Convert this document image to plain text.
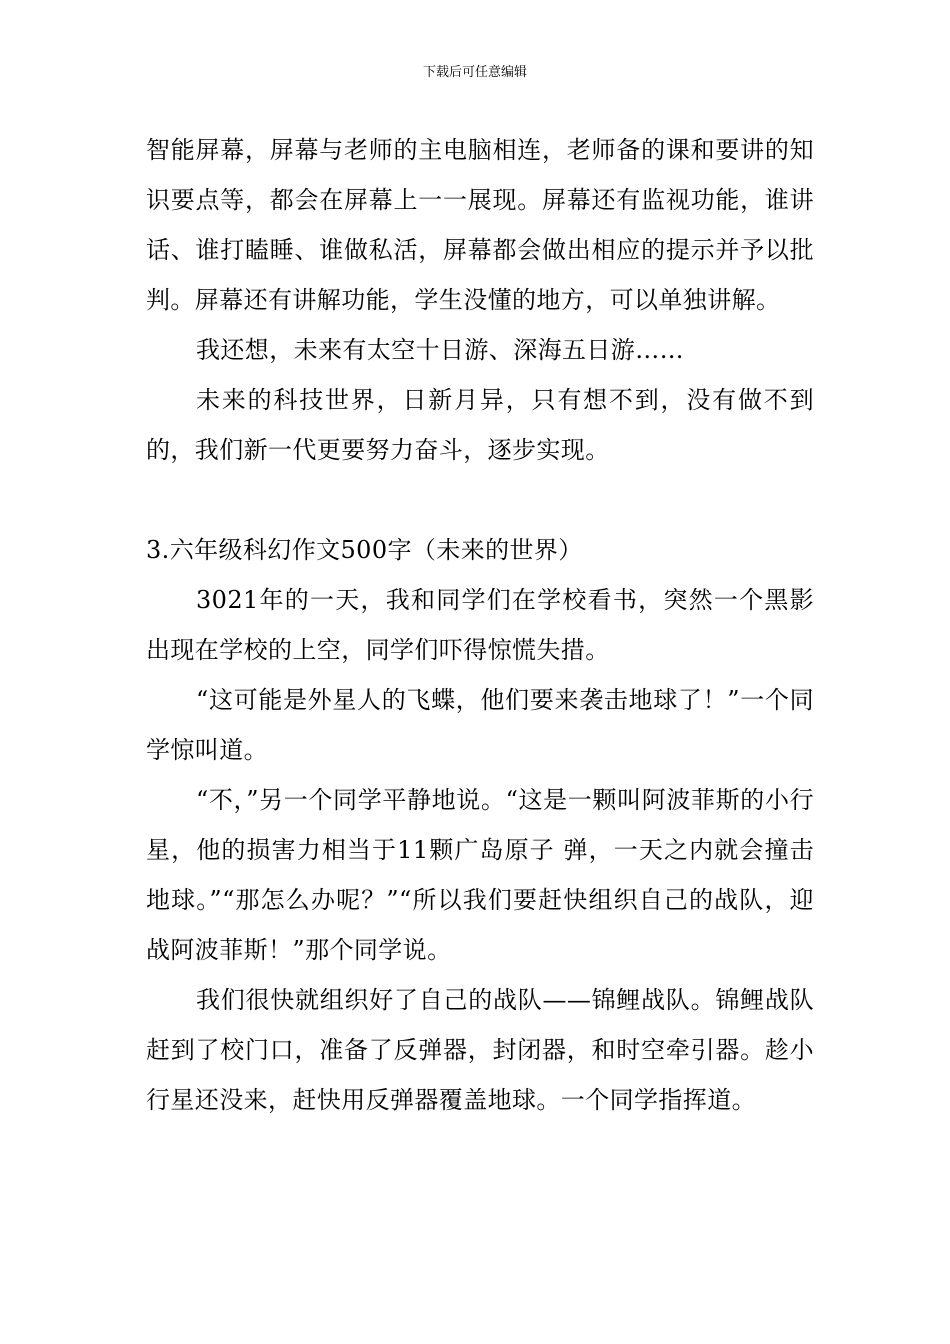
下载后可任意编辑

智能屏幕，屏幕与老师的主电脑相连，老师备的课和要讲的知识要点等，都会在屏幕上一一展现。屏幕还有监视功能，谁讲话、谁打瞌睡、谁做私活，屏幕都会做出相应的提示并予以批判。屏幕还有讲解功能，学生没懂的地方，可以单独讲解。

我还想，未来有太空十日游、深海五日游……

未来的科技世界，日新月异，只有想不到，没有做不到的，我们新一代更要努力奋斗，逐步实现。

3.六年级科幻作文500字（未来的世界）

3021年的一天，我和同学们在学校看书，突然一个黑影出现在学校的上空，同学们吓得惊慌失措。

“这可能是外星人的飞蝶，他们要来袭击地球了！”一个同学惊叫道。

“不，”另一个同学平静地说。“这是一颗叫阿波菲斯的小行星，他的损害力相当于11颗广岛原子 弹，一天之内就会撞击地球。”“那怎么办呢？”“所以我们要赶快组织自己的战队，迎战阿波菲斯！”那个同学说。

我们很快就组织好了自己的战队——锦鲤战队。锦鲤战队赶到了校门口，准备了反弹器，封闭器，和时空牵引器。趁小行星还没来，赶快用反弹器覆盖地球。一个同学指挥道。
